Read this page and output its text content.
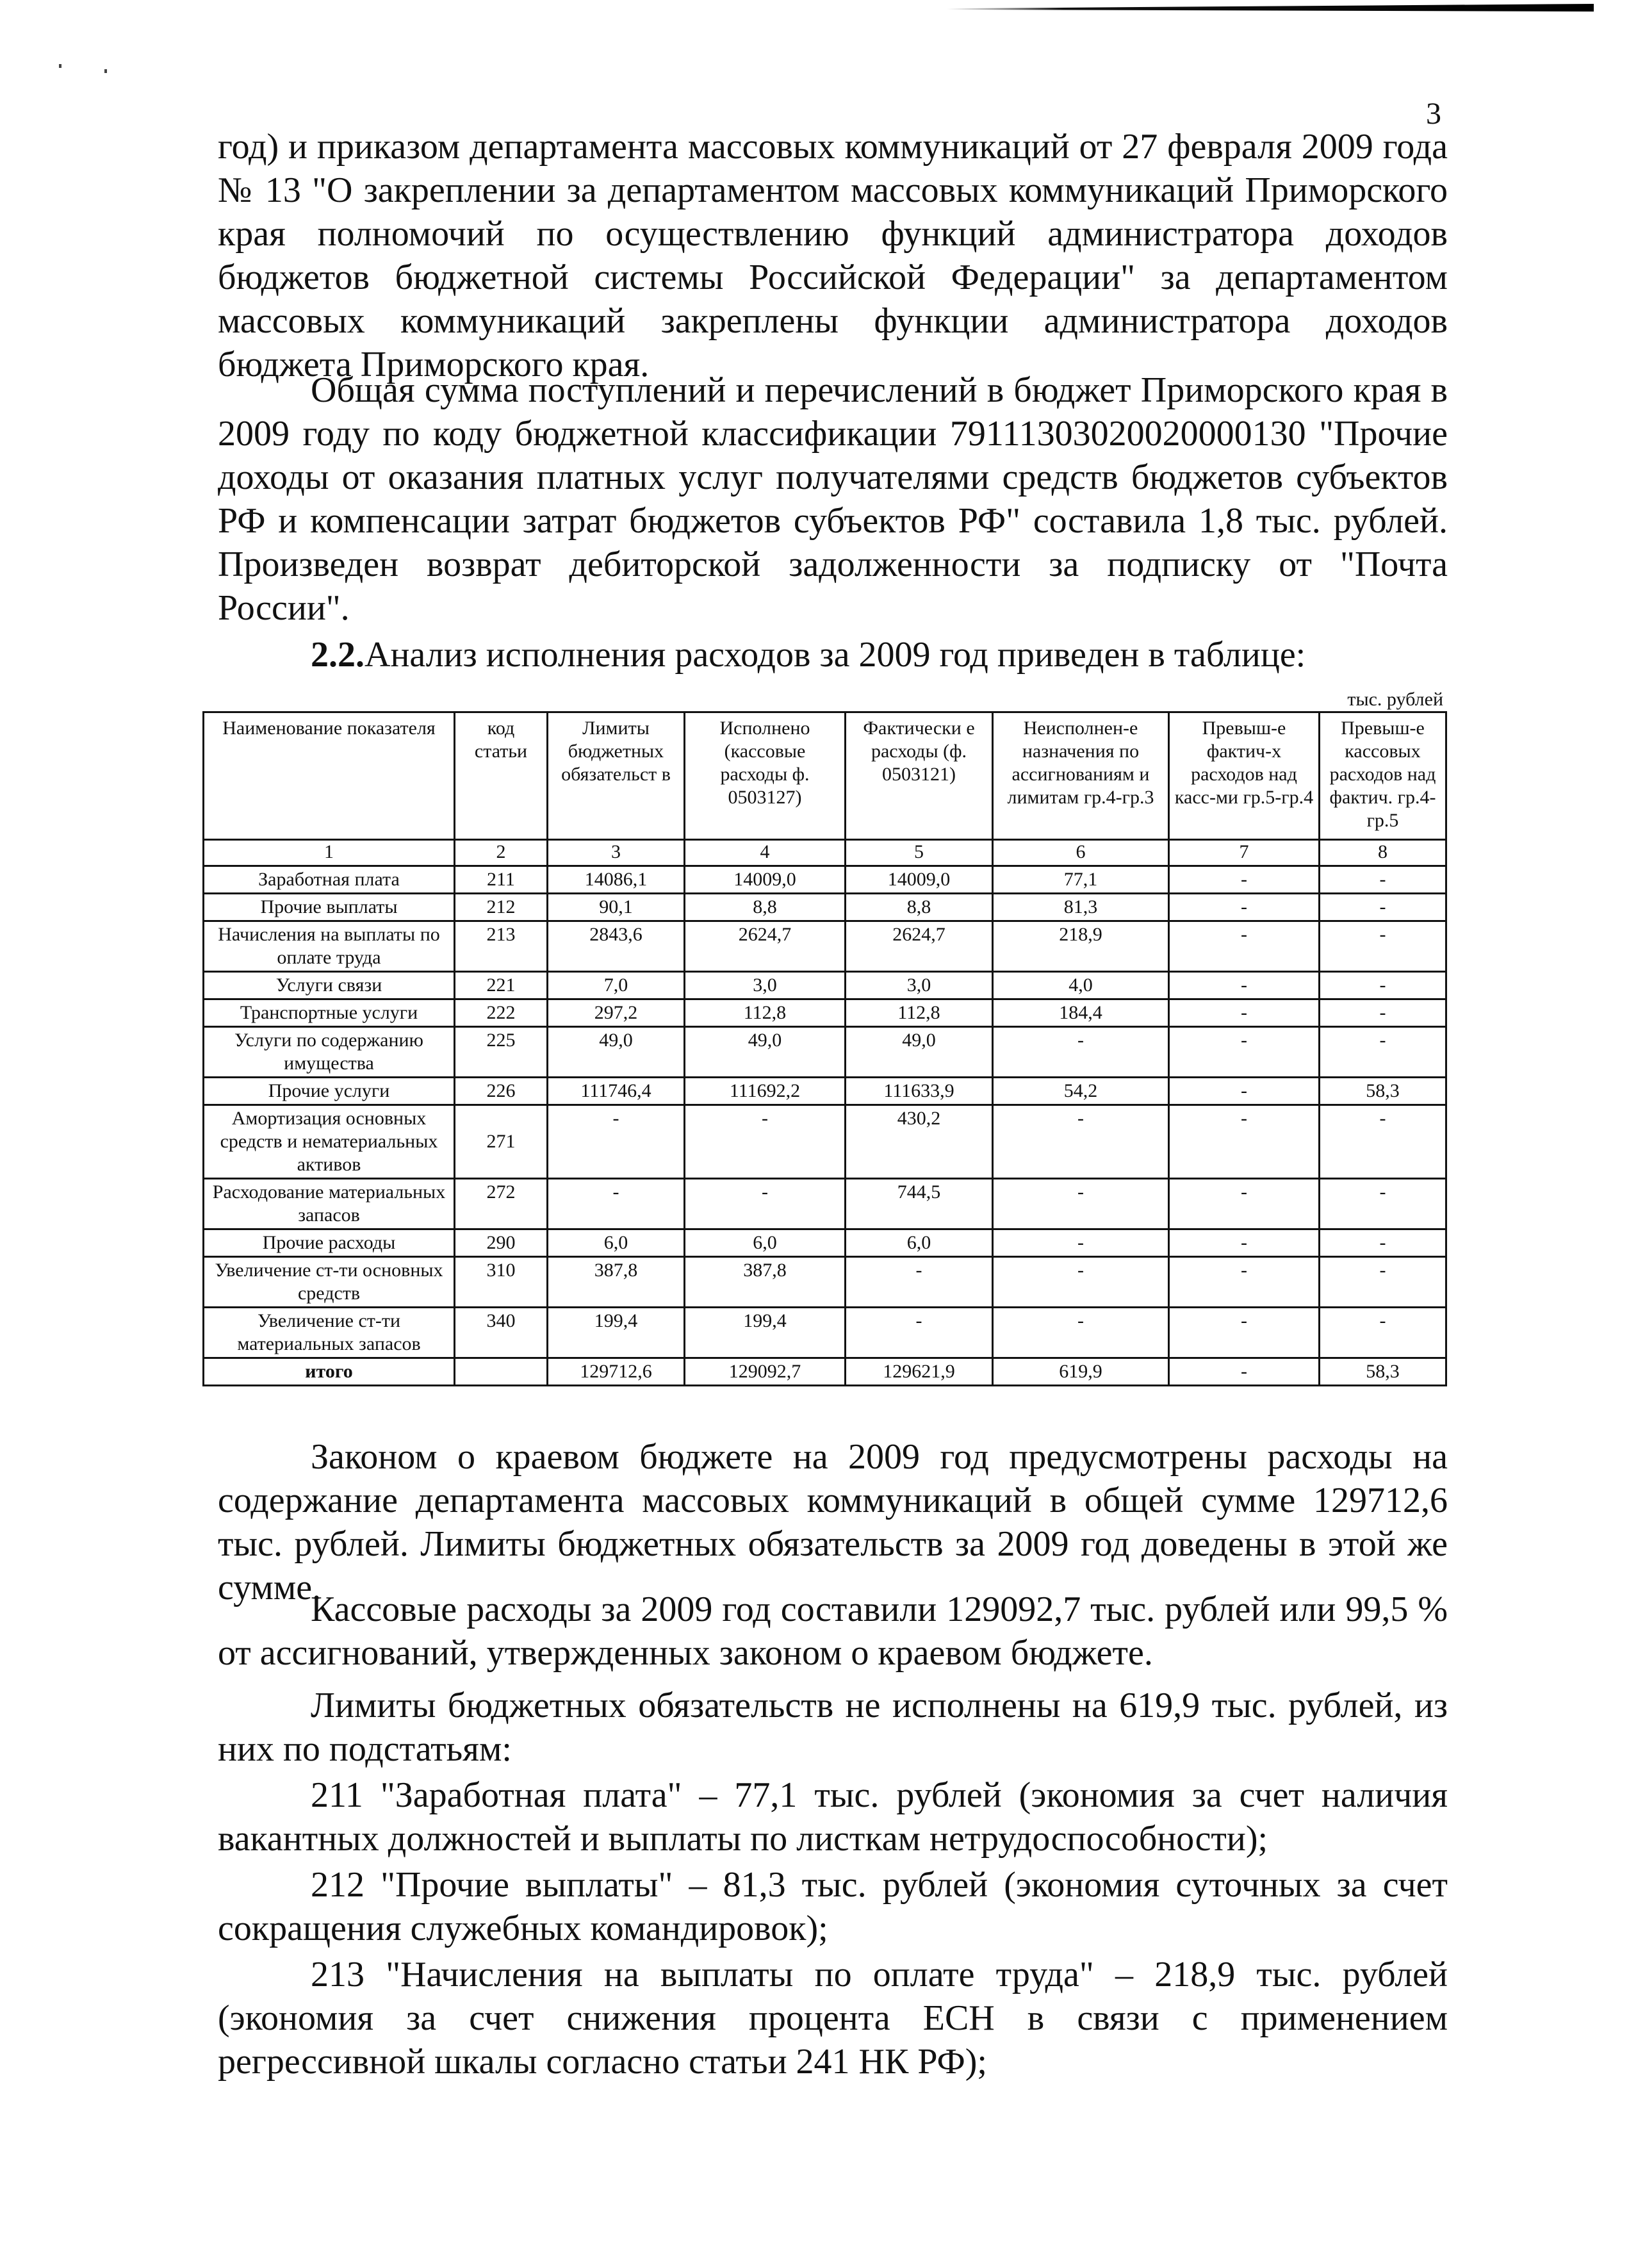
3

год) и приказом департамента массовых коммуникаций от 27 февраля 2009 года № 13 "О закреплении за департаментом массовых коммуникаций Приморского края полномочий по осуществлению функций администратора доходов бюджетов бюджетной системы Российской Федерации" за департаментом массовых коммуникаций закреплены функции администратора доходов бюджета Приморского края.

Общая сумма поступлений и перечислений в бюджет Приморского края в 2009 году по коду бюджетной классификации 79111303020020000130 "Прочие доходы от оказания платных услуг получателями средств бюджетов субъектов РФ и компенсации затрат бюджетов субъектов РФ" составила 1,8 тыс. рублей. Произведен возврат дебиторской задолженности за подписку от "Почта России".

2.2.Анализ исполнения расходов за 2009 год приведен в таблице:
тыс. рублей
Наименование показателя	код статьи	Лимиты бюджетных обязательст в	Исполнено (кассовые расходы ф. 0503127)	Фактически е расходы (ф. 0503121)	Неисполнен-е назначения по ассигнованиям и лимитам гр.4-гр.3	Превыш-е фактич-х расходов над касс-ми гр.5-гр.4	Превыш-е кассовых расходов над фактич. гр.4-гр.5
1	2	3	4	5	6	7	8
Заработная плата	211	14086,1	14009,0	14009,0	77,1	-	-
Прочие выплаты	212	90,1	8,8	8,8	81,3	-	-
Начисления на выплаты по оплате труда	213	2843,6	2624,7	2624,7	218,9	-	-
Услуги связи	221	7,0	3,0	3,0	4,0	-	-
Транспортные услуги	222	297,2	112,8	112,8	184,4	-	-
Услуги по содержанию имущества	225	49,0	49,0	49,0	-	-	-
Прочие услуги	226	111746,4	111692,2	111633,9	54,2	-	58,3
Амортизация основных средств и нематериальных активов	271	-	-	430,2	-	-	-
Расходование материальных запасов	272	-	-	744,5	-	-	-
Прочие расходы	290	6,0	6,0	6,0	-	-	-
Увеличение ст-ти основных средств	310	387,8	387,8	-	-	-	-
Увеличение ст-ти материальных запасов	340	199,4	199,4	-	-	-	-
итого		129712,6	129092,7	129621,9	619,9	-	58,3

Законом о краевом бюджете на 2009 год предусмотрены расходы на содержание департамента массовых коммуникаций в общей сумме 129712,6 тыс. рублей. Лимиты бюджетных обязательств за 2009 год доведены в этой же сумме.

Кассовые расходы за 2009 год составили 129092,7 тыс. рублей или 99,5 % от ассигнований, утвержденных законом о краевом бюджете.

Лимиты бюджетных обязательств не исполнены на 619,9 тыс. рублей, из них по подстатьям:

211 "Заработная плата" – 77,1 тыс. рублей (экономия за счет наличия вакантных должностей и выплаты по листкам нетрудоспособности);

212 "Прочие выплаты" – 81,3 тыс. рублей (экономия суточных за счет сокращения служебных командировок);

213 "Начисления на выплаты по оплате труда" – 218,9 тыс. рублей (экономия за счет снижения процента ЕСН в связи с применением регрессивной шкалы согласно статьи 241 НК РФ);
